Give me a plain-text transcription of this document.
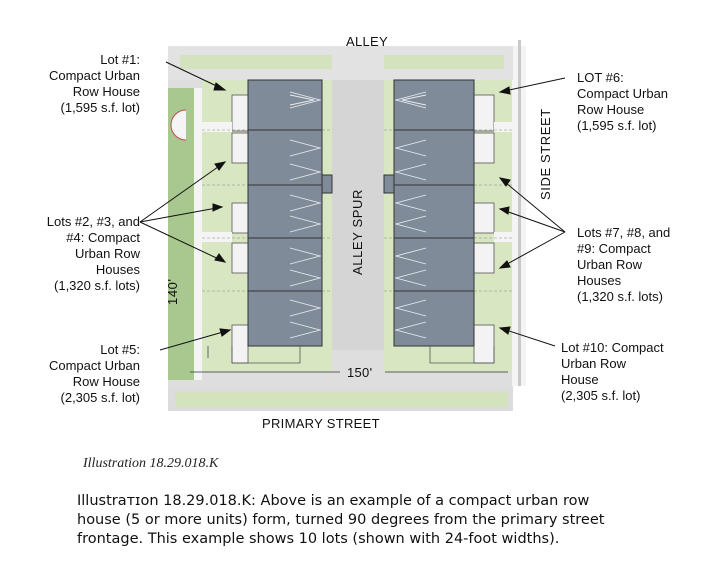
ALLEY
PRIMARY STREET
ALLEY SPUR
SIDE STREET
140'
150'
Lot #1:
Compact Urban
Row House
(1,595 s.f. lot)
Lots #2, #3, and
#4: Compact
Urban Row
Houses
(1,320 s.f. lots)
Lot #5:
Compact Urban
Row House
(2,305 s.f. lot)
LOT #6:
Compact Urban
Row House
(1,595 s.f. lot)
Lots #7, #8, and
#9: Compact
Urban Row
Houses
(1,320 s.f. lots)
Lot #10: Compact
Urban Row
House
(2,305 s.f. lot)
Illustration 18.29.018.K
Illustraᴛɪon 18.29.018.K: Above is an example of a compact urban row house (5 or more units) form, turned 90 degrees from the primary street frontage. This example shows 10 lots (shown with 24-foot widths).
